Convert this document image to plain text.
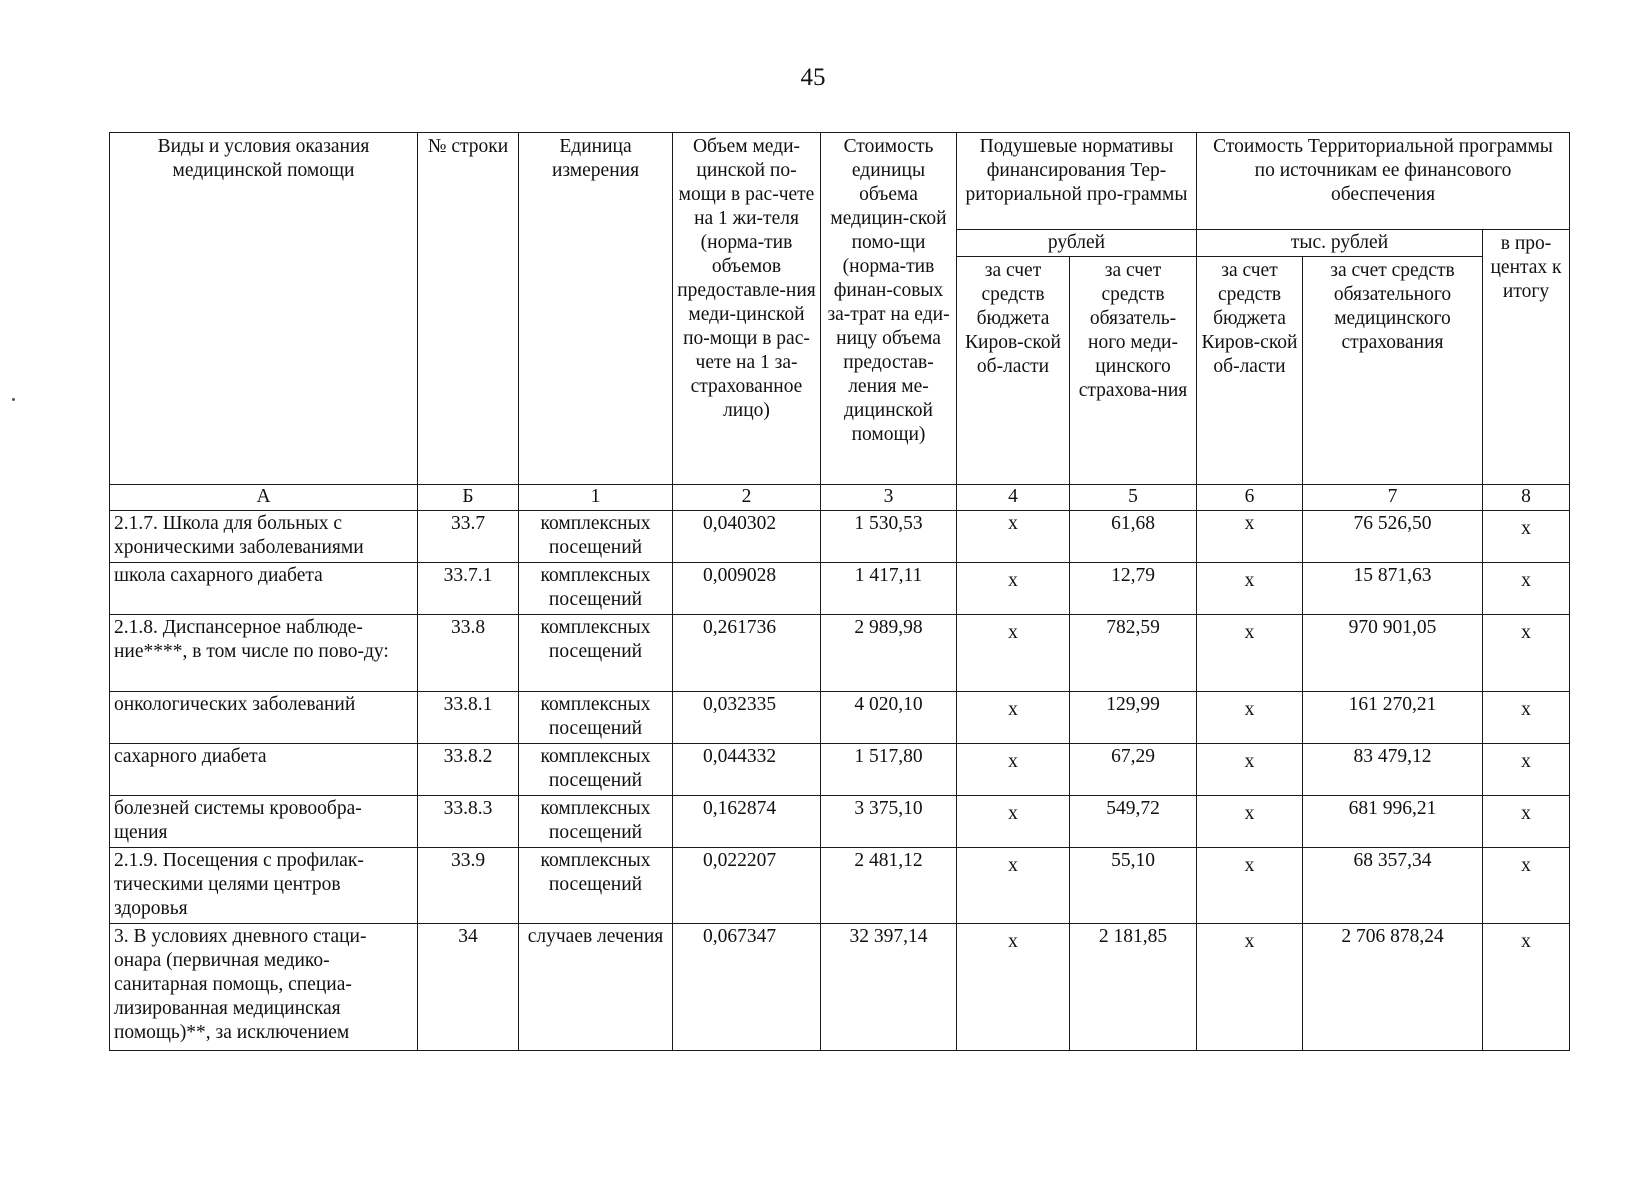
45
Виды и условия оказания медицинской помощи	№ строки	Единица измерения	Объем меди-цинской по-мощи в рас-чете на 1 жи-теля (норма-тив объемов предоставле-ния меди-цинской по-мощи в рас-чете на 1 за-страхованное лицо)	Стоимость единицы объема медицин-ской помо-щи (норма-тив финан-совых за-трат на еди-ницу объема предостав-ления ме-дицинской помощи)	Подушевые нормативы финансирования Тер-риториальной про-граммы		Стоимость Территориальной программы по источникам ее финансового обеспечения		
					рублей		тыс. рублей		в про-центах к итогу
					за счет средств бюджета Киров-ской об-ласти	за счет средств обязатель-ного меди-цинского страхова-ния	за счет средств бюджета Киров-ской об-ласти	за счет средств обязательного медицинского страхования	
А	Б	1	2	3	4	5	6	7	8
2.1.7. Школа для больных с хроническими заболеваниями	33.7	комплексных посещений	0,040302	1 530,53	х	61,68	х	76 526,50	х
школа сахарного диабета	33.7.1	комплексных посещений	0,009028	1 417,11	х	12,79	х	15 871,63	х
2.1.8. Диспансерное наблюде-ние****, в том числе по пово-ду:	33.8	комплексных посещений	0,261736	2 989,98	х	782,59	х	970 901,05	х
онкологических заболеваний	33.8.1	комплексных посещений	0,032335	4 020,10	х	129,99	х	161 270,21	х
сахарного диабета	33.8.2	комплексных посещений	0,044332	1 517,80	х	67,29	х	83 479,12	х
болезней системы кровообра-щения	33.8.3	комплексных посещений	0,162874	3 375,10	х	549,72	х	681 996,21	х
2.1.9. Посещения с профилак-тическими целями центров здоровья	33.9	комплексных посещений	0,022207	2 481,12	х	55,10	х	68 357,34	х
3. В условиях дневного стаци-онара (первичная медико-санитарная помощь, специа-лизированная медицинская помощь)**, за исключением	34	случаев лечения	0,067347	32 397,14	х	2 181,85	х	2 706 878,24	х
